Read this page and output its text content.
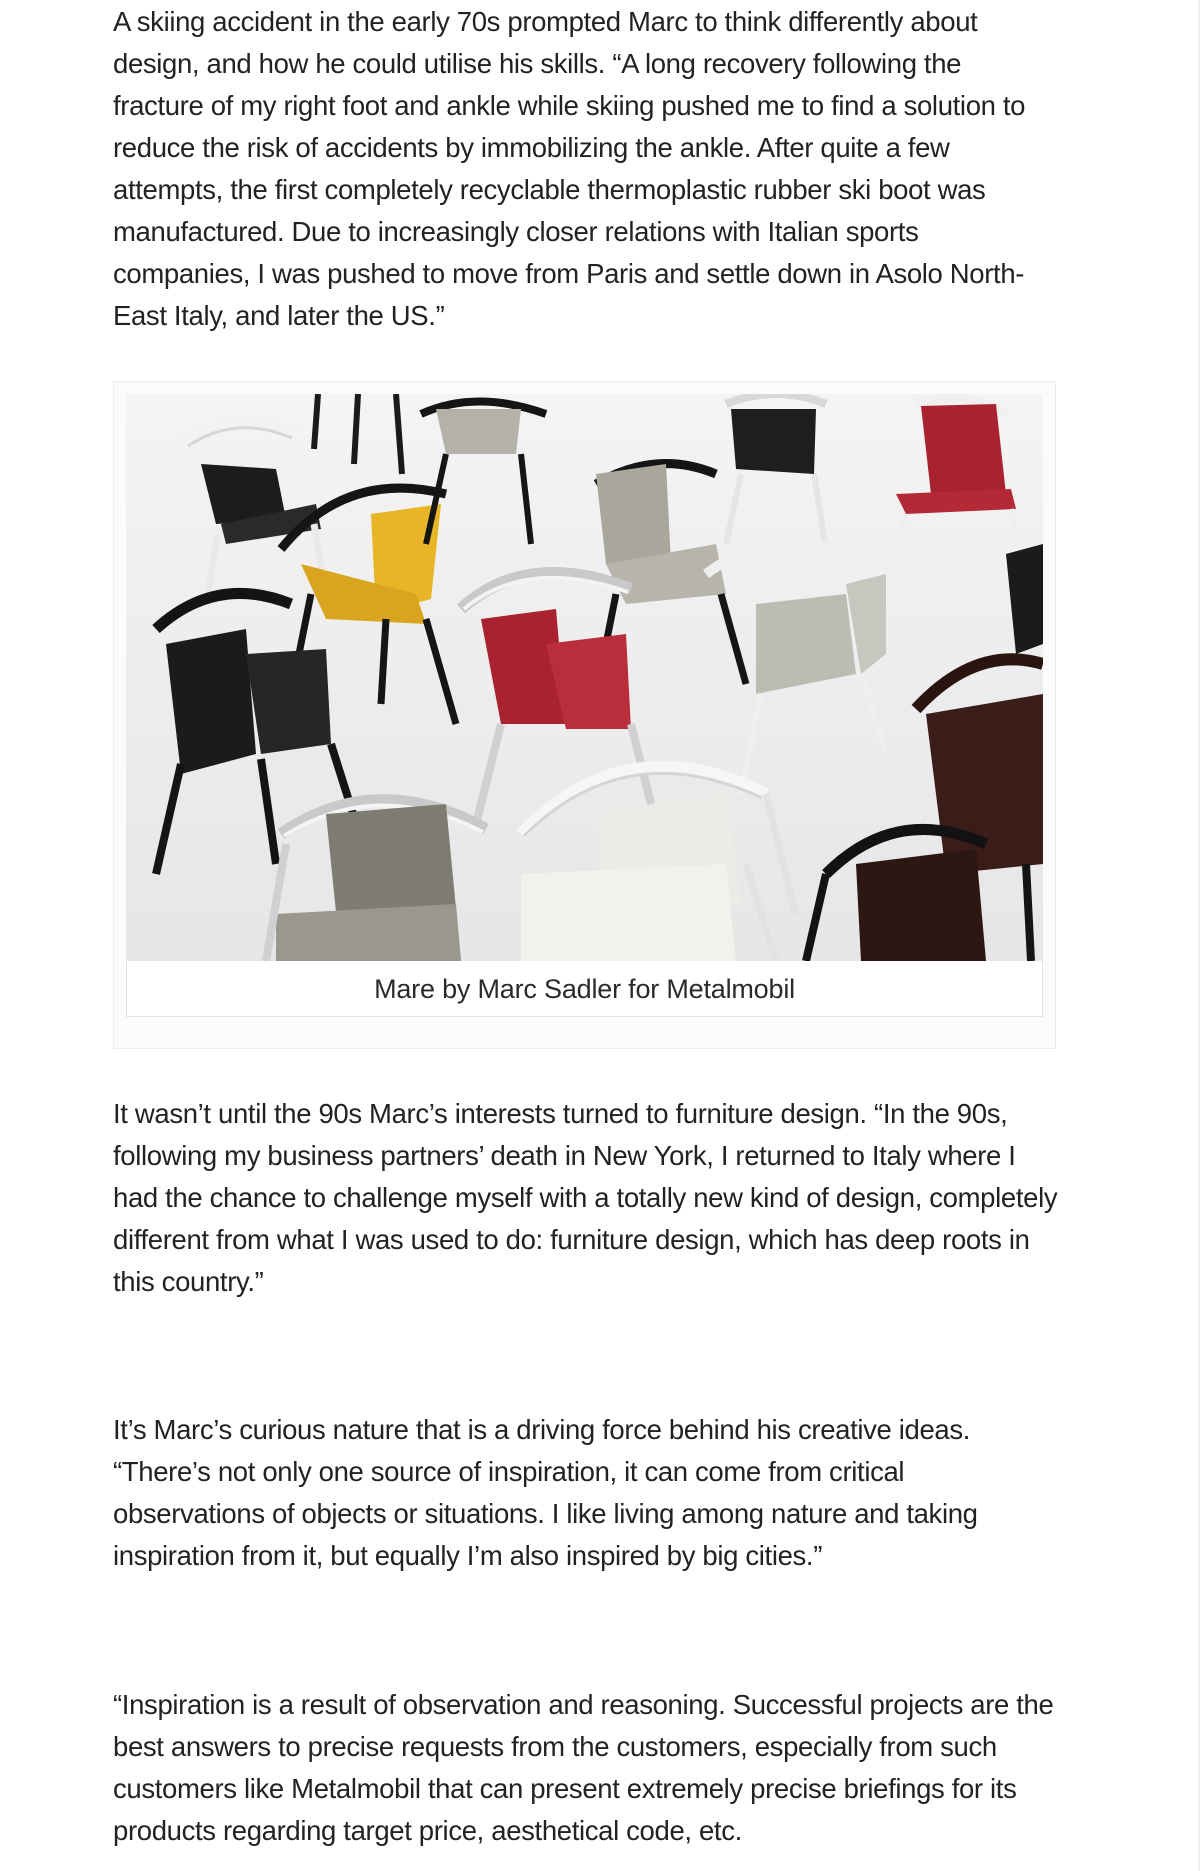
A skiing accident in the early 70s prompted Marc to think differently about design, and how he could utilise his skills. “A long recovery following the fracture of my right foot and ankle while skiing pushed me to find a solution to reduce the risk of accidents by immobilizing the ankle. After quite a few attempts, the first completely recyclable thermoplastic rubber ski boot was manufactured. Due to increasingly closer relations with Italian sports companies, I was pushed to move from Paris and settle down in Asolo North-East Italy, and later the US.”

Mare by Marc Sadler for Metalmobil

It wasn’t until the 90s Marc’s interests turned to furniture design. “In the 90s, following my business partners’ death in New York, I returned to Italy where I had the chance to challenge myself with a totally new kind of design, completely different from what I was used to do: furniture design, which has deep roots in this country.”

It’s Marc’s curious nature that is a driving force behind his creative ideas. “There’s not only one source of inspiration, it can come from critical observations of objects or situations. I like living among nature and taking inspiration from it, but equally I’m also inspired by big cities.”

“Inspiration is a result of observation and reasoning. Successful projects are the best answers to precise requests from the customers, especially from such customers like Metalmobil that can present extremely precise briefings for its products regarding target price, aesthetical code, etc.
